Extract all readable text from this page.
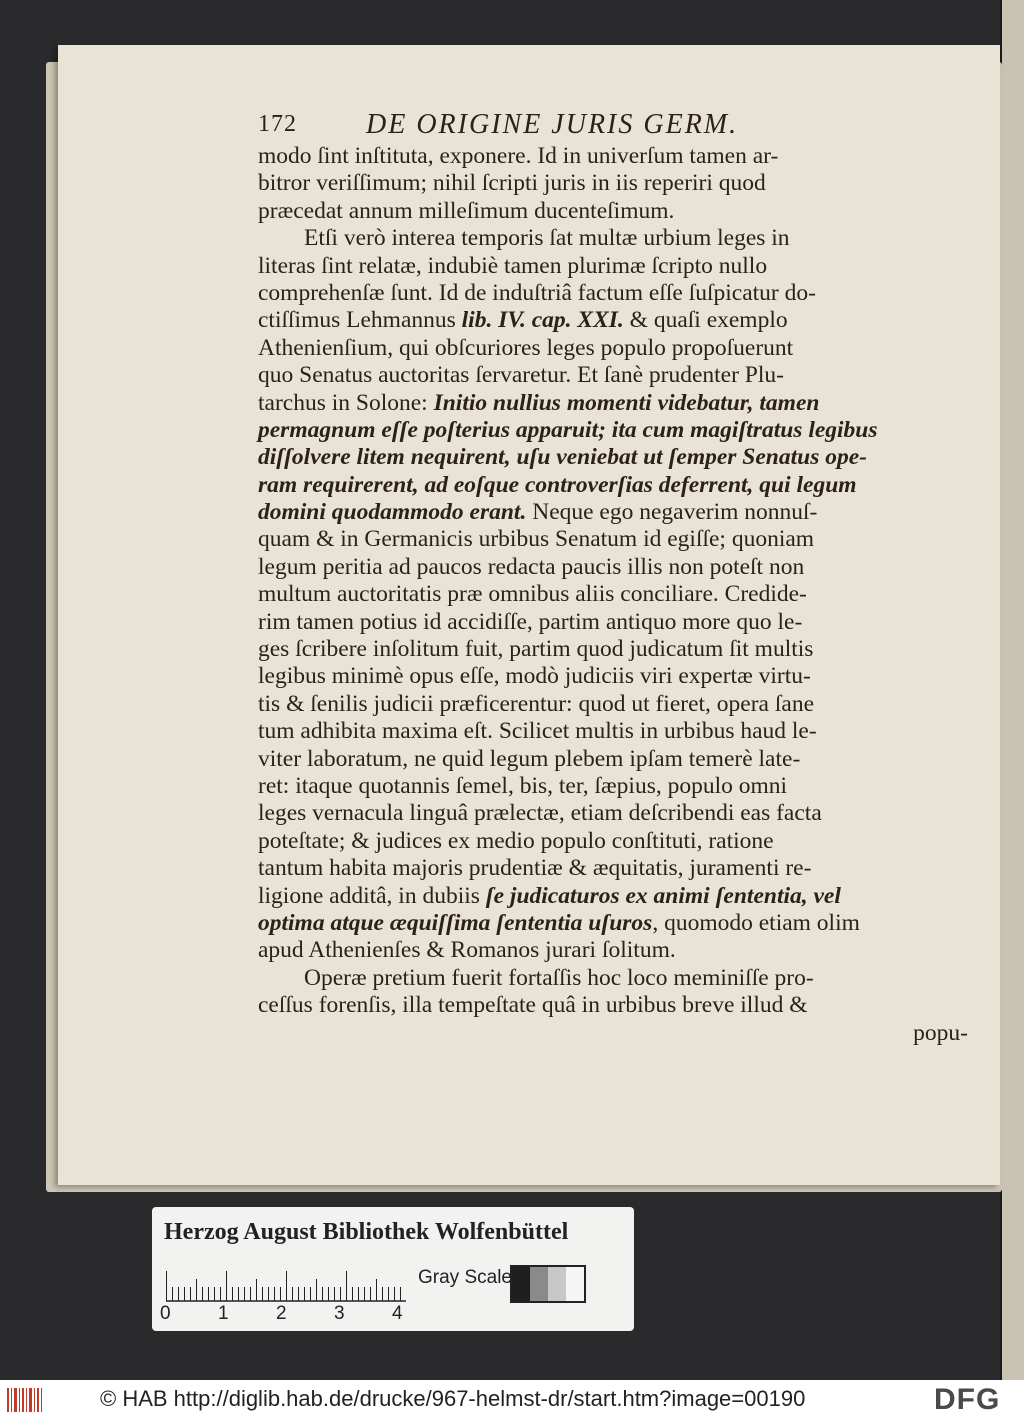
172 DE ORIGINE JURIS GERM.
modo ſint inſtituta, exponere. Id in univerſum tamen ar-
bitror veriſſimum; nihil ſcripti juris in iis reperiri quod
præcedat annum milleſimum ducenteſimum.
Etſi verò interea temporis ſat multæ urbium leges in
literas ſint relatæ, indubiè tamen plurimæ ſcripto nullo
comprehenſæ ſunt. Id de induſtriâ factum eſſe ſuſpicatur do-
ctiſſimus Lehmannus lib. IV. cap. XXI. & quaſi exemplo
Athenienſium, qui obſcuriores leges populo propoſuerunt
quo Senatus auctoritas ſervaretur. Et ſanè prudenter Plu-
tarchus in Solone: Initio nullius momenti videbatur, tamen
permagnum eſſe poſterius apparuit; ita cum magiſtratus legibus
diſſolvere litem nequirent, uſu veniebat ut ſemper Senatus ope-
ram requirerent, ad eoſque controverſias deferrent, qui legum
domini quodammodo erant. Neque ego negaverim nonnuſ-
quam & in Germanicis urbibus Senatum id egiſſe; quoniam
legum peritia ad paucos redacta paucis illis non poteſt non
multum auctoritatis præ omnibus aliis conciliare. Credide-
rim tamen potius id accidiſſe, partim antiquo more quo le-
ges ſcribere inſolitum fuit, partim quod judicatum ſit multis
legibus minimè opus eſſe, modò judiciis viri expertæ virtu-
tis & ſenilis judicii præficerentur: quod ut fieret, opera ſane
tum adhibita maxima eſt. Scilicet multis in urbibus haud le-
viter laboratum, ne quid legum plebem ipſam temerè late-
ret: itaque quotannis ſemel, bis, ter, ſæpius, populo omni
leges vernacula linguâ prælectæ, etiam deſcribendi eas facta
poteſtate; & judices ex medio populo conſtituti, ratione
tantum habita majoris prudentiæ & æquitatis, juramenti re-
ligione additâ, in dubiis ſe judicaturos ex animi ſententia, vel
optima atque æquiſſima ſententia uſuros, quomodo etiam olim
apud Athenienſes & Romanos jurari ſolitum.
Operæ pretium fuerit fortaſſis hoc loco meminiſſe pro-
ceſſus forenſis, illa tempeſtate quâ in urbibus breve illud &
popu-
Herzog August Bibliothek Wolfenbüttel
0 1 2 3 4
Gray Scale
© HAB http://diglib.hab.de/drucke/967-helmst-dr/start.htm?image=00190	DFG
